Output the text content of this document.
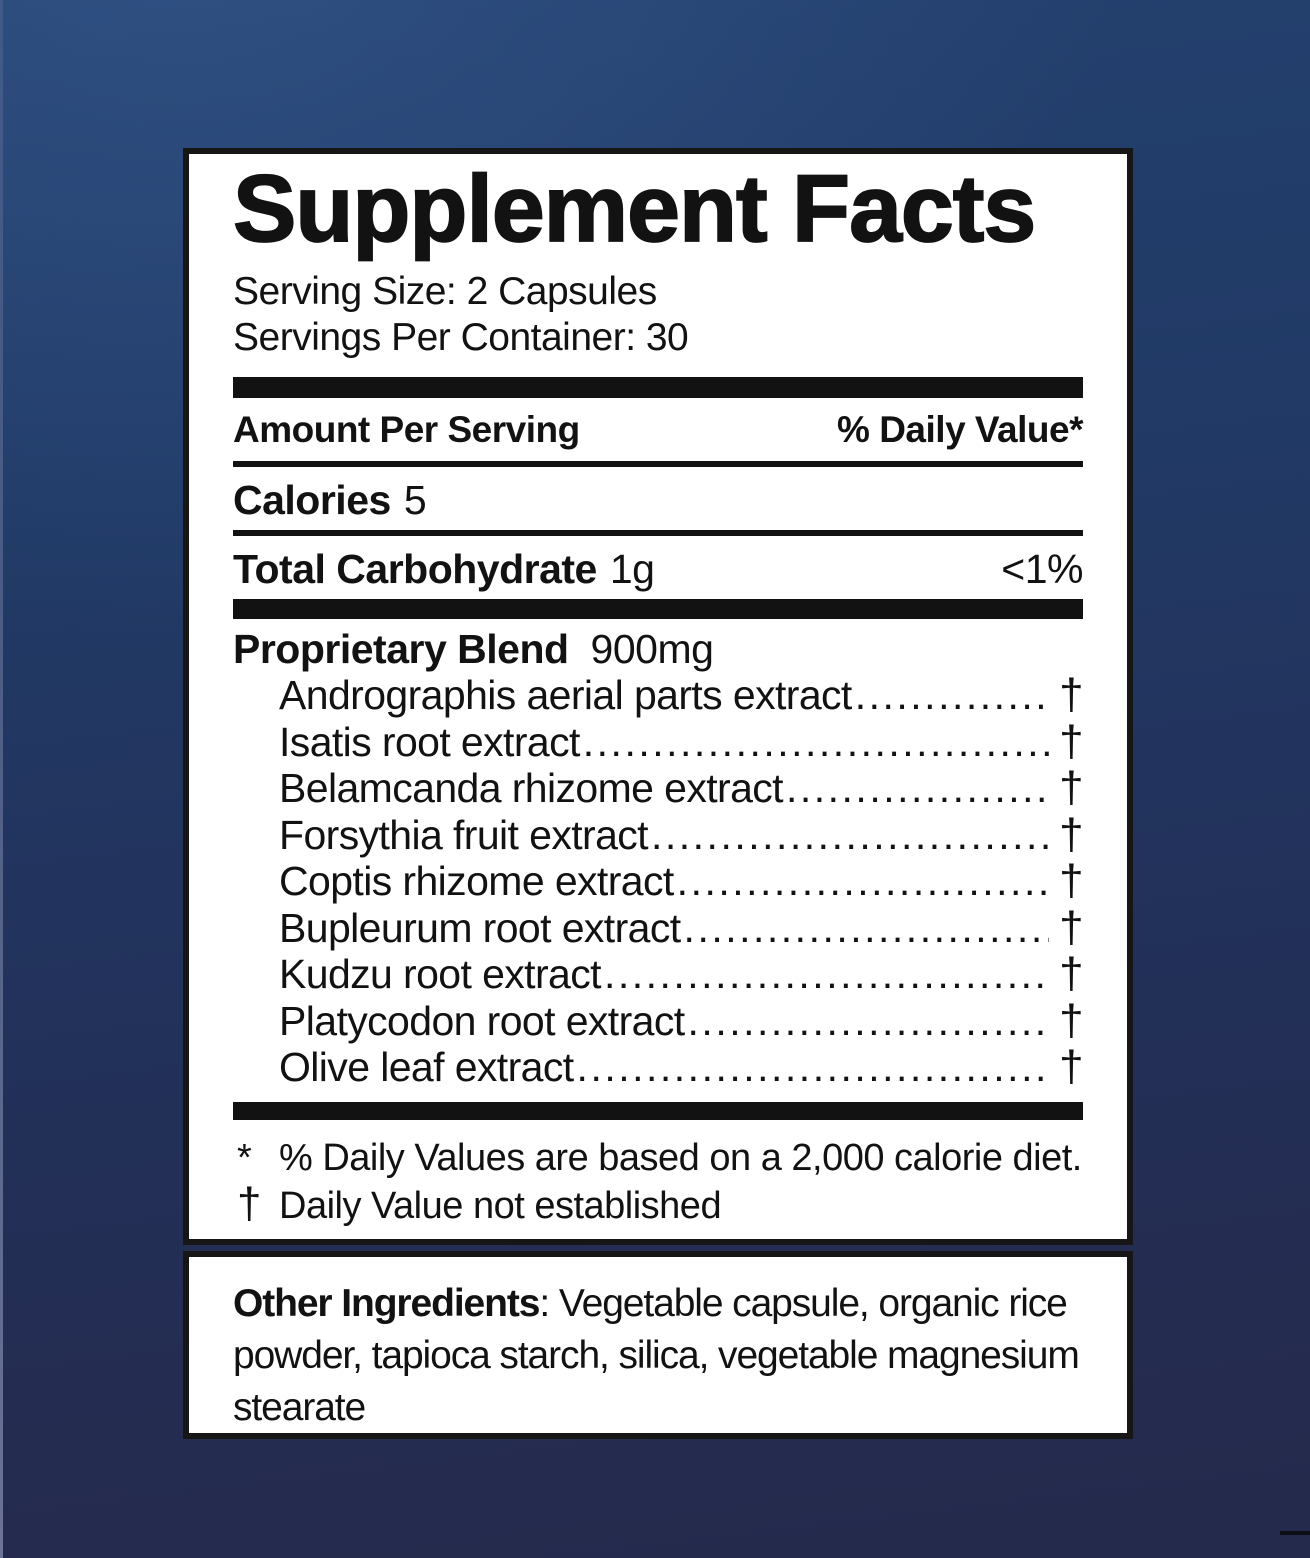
Supplement Facts
Serving Size: 2 Capsules
Servings Per Container: 30
Amount Per Serving	% Daily Value*
Calories 5
Total Carbohydrate 1g	<1%
Proprietary Blend 900mg
Andrographis aerial parts extract .....	†
Isatis root extract .....	†
Belamcanda rhizome extract .....	†
Forsythia fruit extract .....	†
Coptis rhizome extract .....	†
Bupleurum root extract .....	†
Kudzu root extract .....	†
Platycodon root extract .....	†
Olive leaf extract .....	†
* % Daily Values are based on a 2,000 calorie diet.
† Daily Value not established
Other Ingredients: Vegetable capsule, organic rice powder, tapioca starch, silica, vegetable magnesium stearate
